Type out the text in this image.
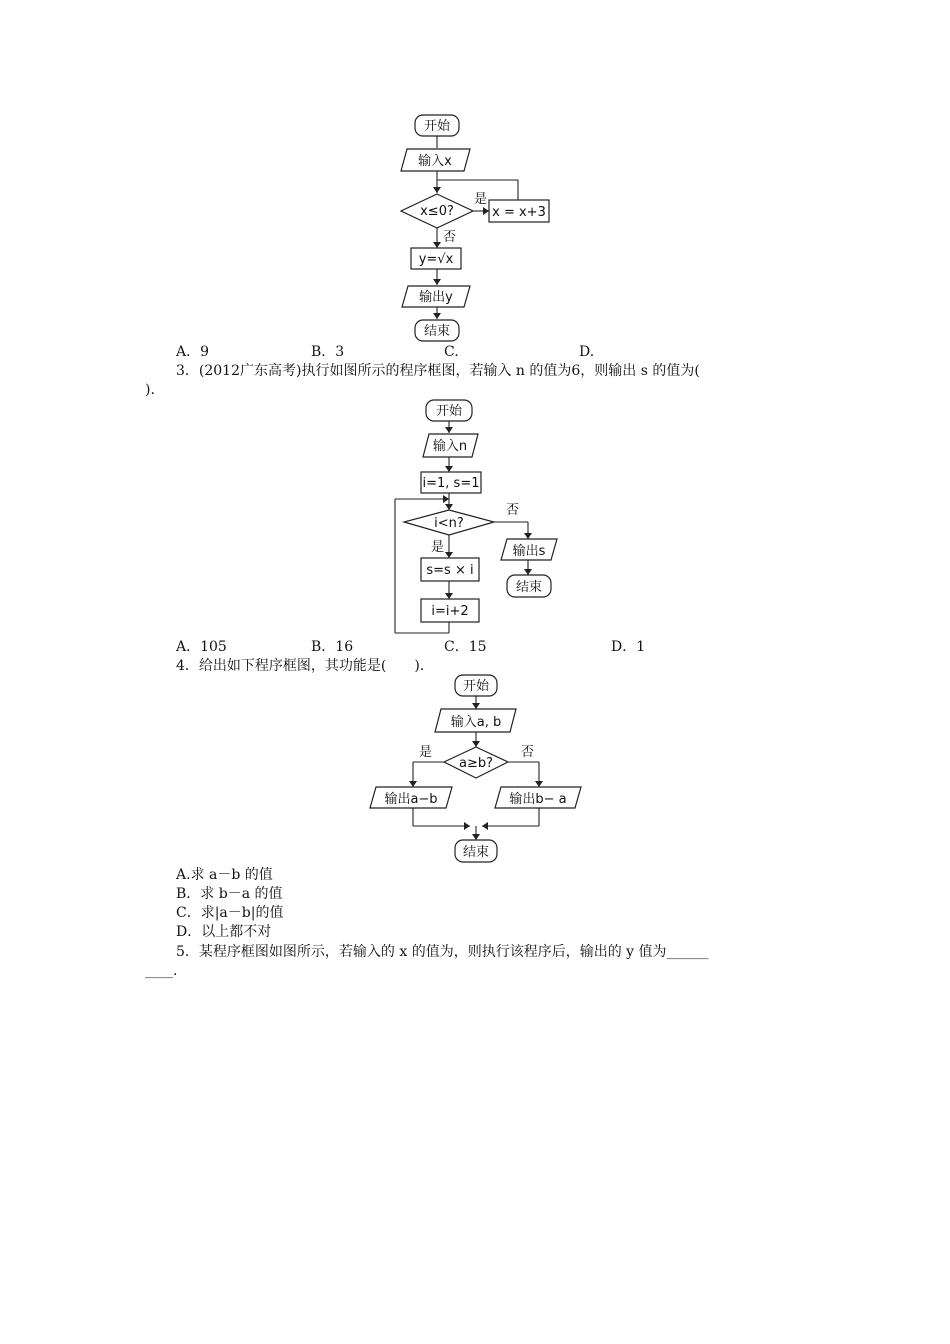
开始
输入x
x≤0?
是
x = x+3
否
y=√x
输出y
结束
A．9	B．3	C.	D.
3．(2012广东高考)执行如图所示的程序框图，若输入 n 的值为6，则输出 s 的值为(
)．
开始
输入n
i=1, s=1
i<n?
否
输出s
结束
是
s=s × i
i=i+2
A．105	B．16	C．15	D．1
4．给出如下程序框图，其功能是(　　)．
开始
输入a, b
a≥b?
是
输出a−b
否
输出b− a
结束
A.求 a－b 的值
B．求 b－a 的值
C．求|a－b|的值
D．以上都不对
5．某程序框图如图所示，若输入的 x 的值为，则执行该程序后，输出的 y 值为______
____.
